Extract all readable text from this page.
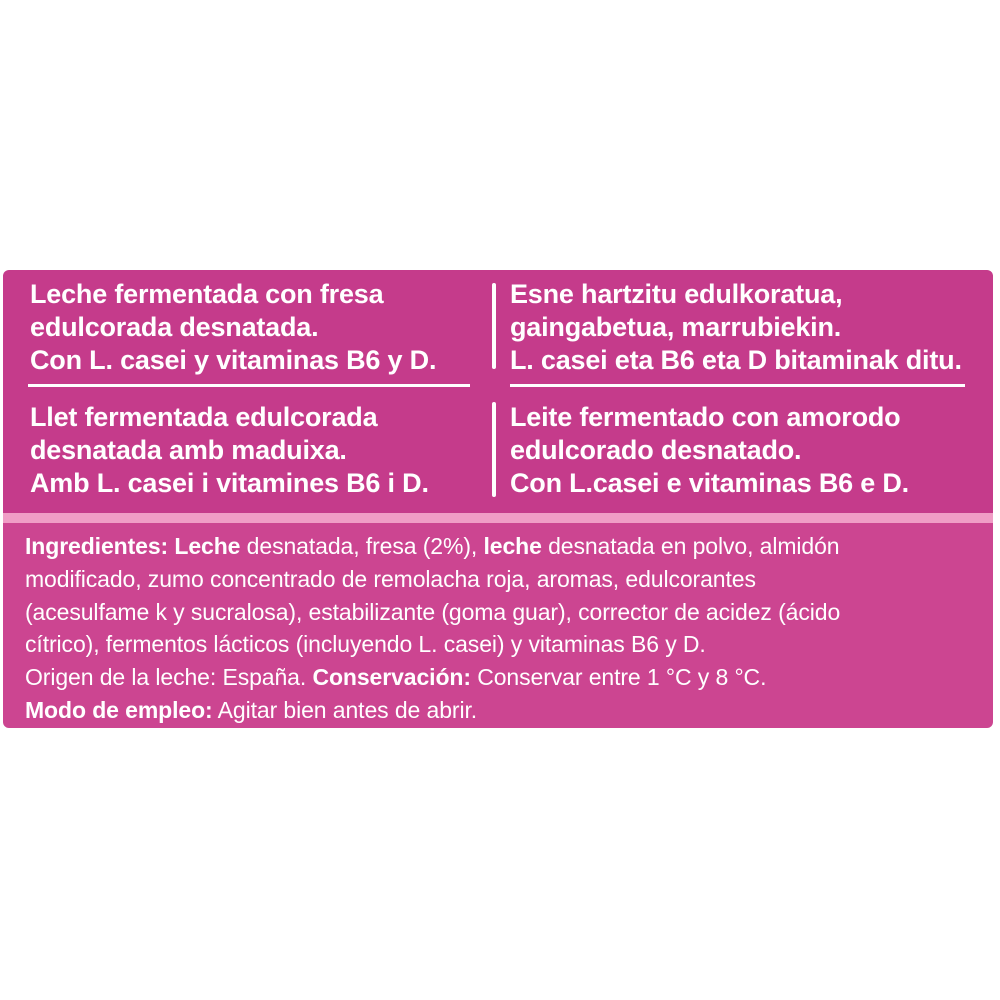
Leche fermentada con fresa
edulcorada desnatada.
Con L. casei y vitaminas B6 y D.
Esne hartzitu edulkoratua,
gaingabetua, marrubiekin.
L. casei eta B6 eta D bitaminak ditu.
Llet fermentada edulcorada
desnatada amb maduixa.
Amb L. casei i vitamines B6 i D.
Leite fermentado con amorodo
edulcorado desnatado.
Con L.casei e vitaminas B6 e D.

Ingredientes: Leche desnatada, fresa (2%), leche desnatada en polvo, almidón

modificado, zumo concentrado de remolacha roja, aromas, edulcorantes

(acesulfame k y sucralosa), estabilizante (goma guar), corrector de acidez (ácido

cítrico), fermentos lácticos (incluyendo L. casei) y vitaminas B6 y D.

Origen de la leche: España. Conservación: Conservar entre 1 °C y 8 °C.

Modo de empleo: Agitar bien antes de abrir.
